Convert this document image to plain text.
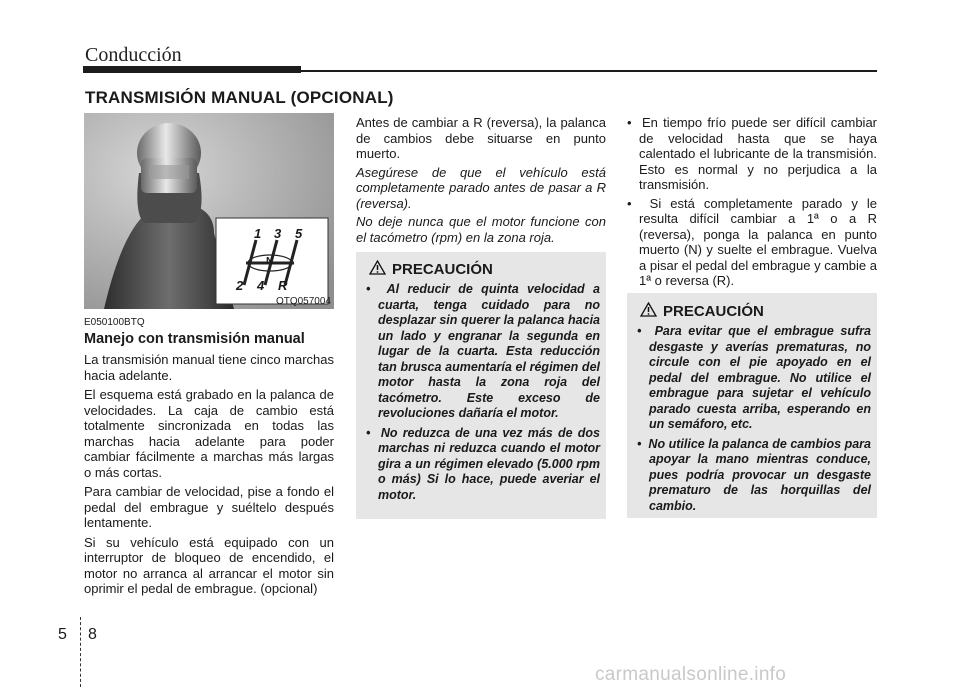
Conducción
TRANSMISIÓN MANUAL (OPCIONAL)
1 3 5
2 4 R
N
OTQ057004
E050100BTQ
Manejo con transmisión manual

La transmisión manual tiene cinco marchas hacia adelante.

El esquema está grabado en la palanca de velocidades. La caja de cambio está totalmente sincronizada en todas las marchas hacia adelante para poder cambiar fácilmente a marchas más largas o más cortas.

Para cambiar de velocidad, pise a fondo el pedal del embrague y suéltelo después lentamente.

Si su vehículo está equipado con un interruptor de bloqueo de encendido, el motor no arranca al arrancar el motor sin oprimir el pedal de embrague. (opcional)

Antes de cambiar a R (reversa), la palanca de cambios debe situarse en punto muerto.

Asegúrese de que el vehículo está completamente parado antes de pasar a R (reversa).

No deje nunca que el motor funcione con el tacómetro (rpm) en la zona roja.

PRECAUCIÓN

•  Al reducir de quinta velocidad a cuarta, tenga cuidado para no desplazar sin querer la palanca hacia un lado y engranar la segunda en lugar de la cuarta. Esta reducción tan brusca aumentaría el régimen del motor hasta la zona roja del tacómetro. Este exceso de revoluciones dañaría el motor.

•  No reduzca de una vez más de dos marchas ni reduzca cuando el motor gira a un régimen elevado (5.000 rpm o más) Si lo hace, puede averiar el motor.

•  En tiempo frío puede ser difícil cambiar de velocidad hasta que se haya calentado el lubricante de la transmisión. Esto es normal y no perjudica a la transmisión.

•  Si está completamente parado y le resulta difícil cambiar a 1ª o a R (reversa), ponga la palanca en punto muerto (N) y suelte el embrague. Vuelva a pisar el pedal del embrague y cambie a 1ª o reversa (R).

PRECAUCIÓN

•  Para evitar que el embrague sufra desgaste y averías prematuras, no circule con el pie apoyado en el pedal del embrague. No utilice el embrague para sujetar el vehículo parado cuesta arriba, esperando en un semáforo, etc.

•  No utilice la palanca de cambios para apoyar la mano mientras conduce, pues podría provocar un desgaste prematuro de las horquillas del cambio.

5 8
carmanualsonline.info
